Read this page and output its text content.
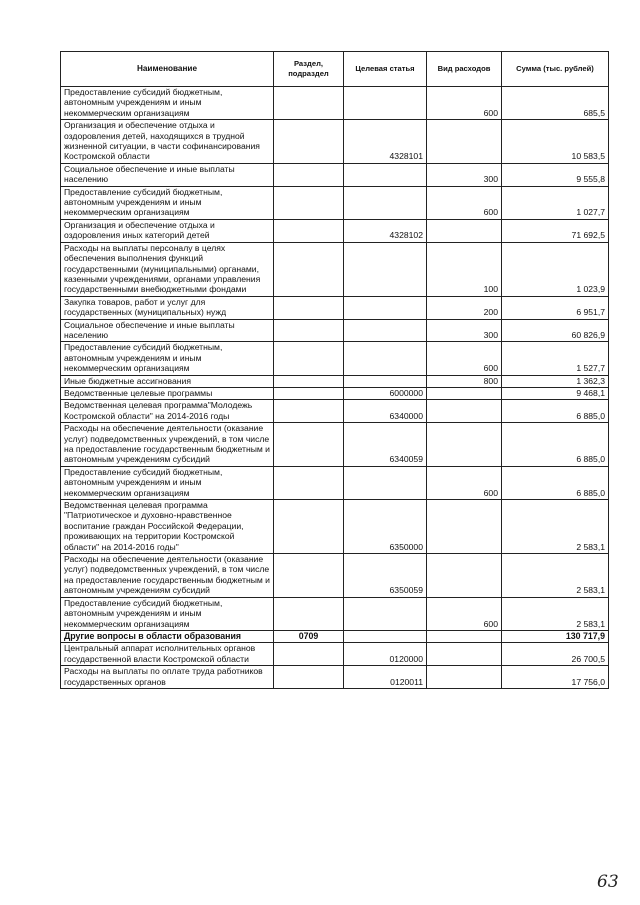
Наименование	Раздел, подраздел	Целевая статья	Вид расходов	Сумма (тыс. рублей)
Предоставление субсидий бюджетным, автономным учреждениям и иным некоммерческим организациям			600	685,5
Организация и обеспечение отдыха и оздоровления детей, находящихся в трудной жизненной ситуации, в части софинансирования Костромской области		4328101		10 583,5
Социальное обеспечение и иные выплаты населению			300	9 555,8
Предоставление субсидий бюджетным, автономным учреждениям и иным некоммерческим организациям			600	1 027,7
Организация и обеспечение отдыха и оздоровления иных категорий детей		4328102		71 692,5
Расходы на выплаты персоналу в целях обеспечения выполнения функций государственными (муниципальными) органами, казенными учреждениями, органами управления государственными внебюджетными фондами			100	1 023,9
Закупка товаров, работ и услуг для государственных (муниципальных) нужд			200	6 951,7
Социальное обеспечение и иные выплаты населению			300	60 826,9
Предоставление субсидий бюджетным, автономным учреждениям и иным некоммерческим организациям			600	1 527,7
Иные бюджетные ассигнования			800	1 362,3
Ведомственные целевые программы		6000000		9 468,1
Ведомственная целевая программа"Молодежь Костромской области" на 2014-2016 годы		6340000		6 885,0
Расходы на обеспечение деятельности (оказание услуг) подведомственных учреждений, в том числе на предоставление государственным бюджетным и автономным учреждениям субсидий		6340059		6 885,0
Предоставление субсидий бюджетным, автономным учреждениям и иным некоммерческим организациям			600	6 885,0
Ведомственная целевая программа "Патриотическое и духовно-нравственное воспитание граждан Российской Федерации, проживающих на территории Костромской области" на 2014-2016 годы"		6350000		2 583,1
Расходы на обеспечение деятельности (оказание услуг) подведомственных учреждений, в том числе на предоставление государственным бюджетным и автономным учреждениям субсидий		6350059		2 583,1
Предоставление субсидий бюджетным, автономным учреждениям и иным некоммерческим организациям			600	2 583,1
Другие вопросы в области образования	0709			130 717,9
Центральный аппарат исполнительных органов государственной власти Костромской области		0120000		26 700,5
Расходы на выплаты по оплате труда работников государственных органов		0120011		17 756,0
63
